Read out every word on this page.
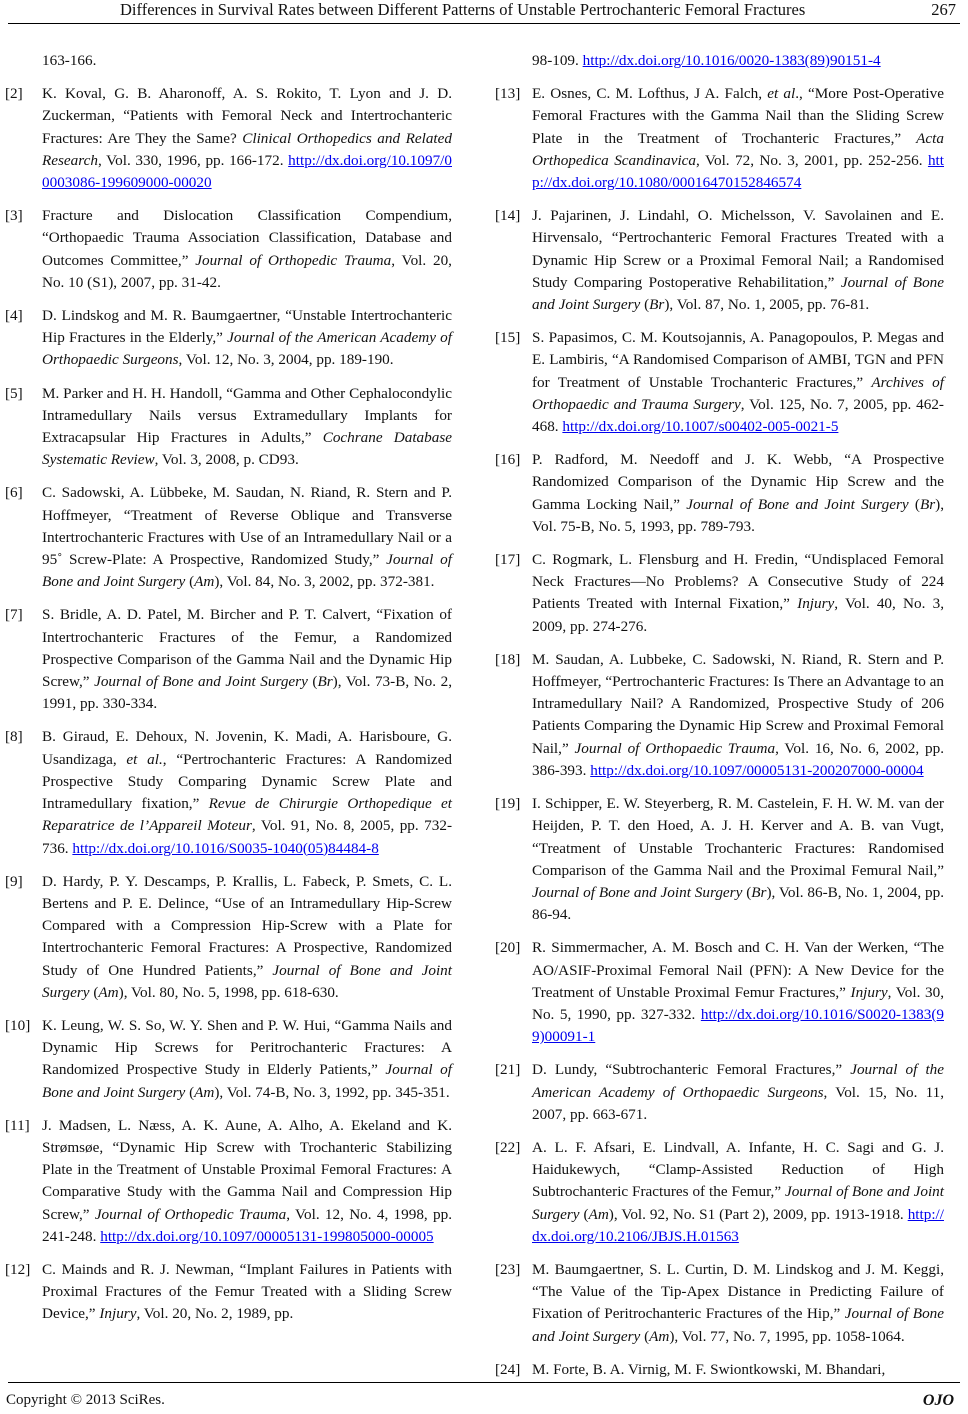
Differences in Survival Rates between Different Patterns of Unstable Pertrochanteric Femoral Fractures	267
163-166.
[2] K. Koval, G. B. Aharonoff, A. S. Rokito, T. Lyon and J. D. Zuckerman, “Patients with Femoral Neck and Intertrochanteric Fractures: Are They the Same? Clinical Orthopedics and Related Research, Vol. 330, 1996, pp. 166-172. http://dx.doi.org/10.1097/00003086-199609000-00020
[3] Fracture and Dislocation Classification Compendium, “Orthopaedic Trauma Association Classification, Database and Outcomes Committee,” Journal of Orthopedic Trauma, Vol. 20, No. 10 (S1), 2007, pp. 31-42.
[4] D. Lindskog and M. R. Baumgaertner, “Unstable Intertrochanteric Hip Fractures in the Elderly,” Journal of the American Academy of Orthopaedic Surgeons, Vol. 12, No. 3, 2004, pp. 189-190.
[5] M. Parker and H. H. Handoll, “Gamma and Other Cephalocondylic Intramedullary Nails versus Extramedullary Implants for Extracapsular Hip Fractures in Adults,” Cochrane Database Systematic Review, Vol. 3, 2008, p. CD93.
[6] C. Sadowski, A. Lübbeke, M. Saudan, N. Riand, R. Stern and P. Hoffmeyer, “Treatment of Reverse Oblique and Transverse Intertrochanteric Fractures with Use of an Intramedullary Nail or a 95˚ Screw-Plate: A Prospective, Randomized Study,” Journal of Bone and Joint Surgery (Am), Vol. 84, No. 3, 2002, pp. 372-381.
[7] S. Bridle, A. D. Patel, M. Bircher and P. T. Calvert, “Fixation of Intertrochanteric Fractures of the Femur, a Randomized Prospective Comparison of the Gamma Nail and the Dynamic Hip Screw,” Journal of Bone and Joint Surgery (Br), Vol. 73-B, No. 2, 1991, pp. 330-334.
[8] B. Giraud, E. Dehoux, N. Jovenin, K. Madi, A. Harisboure, G. Usandizaga, et al., “Pertrochanteric Fractures: A Randomized Prospective Study Comparing Dynamic Screw Plate and Intramedullary fixation,” Revue de Chirurgie Orthopedique et Reparatrice de l’Appareil Moteur, Vol. 91, No. 8, 2005, pp. 732-736. http://dx.doi.org/10.1016/S0035-1040(05)84484-8
[9] D. Hardy, P. Y. Descamps, P. Krallis, L. Fabeck, P. Smets, C. L. Bertens and P. E. Delince, “Use of an Intramedullary Hip-Screw Compared with a Compression Hip-Screw with a Plate for Intertrochanteric Femoral Fractures: A Prospective, Randomized Study of One Hundred Patients,” Journal of Bone and Joint Surgery (Am), Vol. 80, No. 5, 1998, pp. 618-630.
[10] K. Leung, W. S. So, W. Y. Shen and P. W. Hui, “Gamma Nails and Dynamic Hip Screws for Peritrochanteric Fractures: A Randomized Prospective Study in Elderly Patients,” Journal of Bone and Joint Surgery (Am), Vol. 74-B, No. 3, 1992, pp. 345-351.
[11] J. Madsen, L. Næss, A. K. Aune, A. Alho, A. Ekeland and K. Strømsøe, “Dynamic Hip Screw with Trochanteric Stabilizing Plate in the Treatment of Unstable Proximal Femoral Fractures: A Comparative Study with the Gamma Nail and Compression Hip Screw,” Journal of Orthopedic Trauma, Vol. 12, No. 4, 1998, pp. 241-248. http://dx.doi.org/10.1097/00005131-199805000-00005
[12] C. Mainds and R. J. Newman, “Implant Failures in Patients with Proximal Fractures of the Femur Treated with a Sliding Screw Device,” Injury, Vol. 20, No. 2, 1989, pp.
98-109. http://dx.doi.org/10.1016/0020-1383(89)90151-4
[13] E. Osnes, C. M. Lofthus, J A. Falch, et al., “More Post-Operative Femoral Fractures with the Gamma Nail than the Sliding Screw Plate in the Treatment of Trochanteric Fractures,” Acta Orthopedica Scandinavica, Vol. 72, No. 3, 2001, pp. 252-256. http://dx.doi.org/10.1080/00016470152846574
[14] J. Pajarinen, J. Lindahl, O. Michelsson, V. Savolainen and E. Hirvensalo, “Pertrochanteric Femoral Fractures Treated with a Dynamic Hip Screw or a Proximal Femoral Nail; a Randomised Study Comparing Postoperative Rehabilitation,” Journal of Bone and Joint Surgery (Br), Vol. 87, No. 1, 2005, pp. 76-81.
[15] S. Papasimos, C. M. Koutsojannis, A. Panagopoulos, P. Megas and E. Lambiris, “A Randomised Comparison of AMBI, TGN and PFN for Treatment of Unstable Trochanteric Fractures,” Archives of Orthopaedic and Trauma Surgery, Vol. 125, No. 7, 2005, pp. 462-468. http://dx.doi.org/10.1007/s00402-005-0021-5
[16] P. Radford, M. Needoff and J. K. Webb, “A Prospective Randomized Comparison of the Dynamic Hip Screw and the Gamma Locking Nail,” Journal of Bone and Joint Surgery (Br), Vol. 75-B, No. 5, 1993, pp. 789-793.
[17] C. Rogmark, L. Flensburg and H. Fredin, “Undisplaced Femoral Neck Fractures—No Problems? A Consecutive Study of 224 Patients Treated with Internal Fixation,” Injury, Vol. 40, No. 3, 2009, pp. 274-276.
[18] M. Saudan, A. Lubbeke, C. Sadowski, N. Riand, R. Stern and P. Hoffmeyer, “Pertrochanteric Fractures: Is There an Advantage to an Intramedullary Nail? A Randomized, Prospective Study of 206 Patients Comparing the Dynamic Hip Screw and Proximal Femoral Nail,” Journal of Orthopaedic Trauma, Vol. 16, No. 6, 2002, pp. 386-393. http://dx.doi.org/10.1097/00005131-200207000-00004
[19] I. Schipper, E. W. Steyerberg, R. M. Castelein, F. H. W. M. van der Heijden, P. T. den Hoed, A. J. H. Kerver and A. B. van Vugt, “Treatment of Unstable Trochanteric Fractures: Randomised Comparison of the Gamma Nail and the Proximal Femural Nail,” Journal of Bone and Joint Surgery (Br), Vol. 86-B, No. 1, 2004, pp. 86-94.
[20] R. Simmermacher, A. M. Bosch and C. H. Van der Werken, “The AO/ASIF-Proximal Femoral Nail (PFN): A New Device for the Treatment of Unstable Proximal Femur Fractures,” Injury, Vol. 30, No. 5, 1990, pp. 327-332. http://dx.doi.org/10.1016/S0020-1383(99)00091-1
[21] D. Lundy, “Subtrochanteric Femoral Fractures,” Journal of the American Academy of Orthopaedic Surgeons, Vol. 15, No. 11, 2007, pp. 663-671.
[22] A. L. F. Afsari, E. Lindvall, A. Infante, H. C. Sagi and G. J. Haidukewych, “Clamp-Assisted Reduction of High Subtrochanteric Fractures of the Femur,” Journal of Bone and Joint Surgery (Am), Vol. 92, No. S1 (Part 2), 2009, pp. 1913-1918. http://dx.doi.org/10.2106/JBJS.H.01563
[23] M. Baumgaertner, S. L. Curtin, D. M. Lindskog and J. M. Keggi, “The Value of the Tip-Apex Distance in Predicting Failure of Fixation of Peritrochanteric Fractures of the Hip,” Journal of Bone and Joint Surgery (Am), Vol. 77, No. 7, 1995, pp. 1058-1064.
[24] M. Forte, B. A. Virnig, M. F. Swiontkowski, M. Bhandari,
Copyright © 2013 SciRes.	OJO
